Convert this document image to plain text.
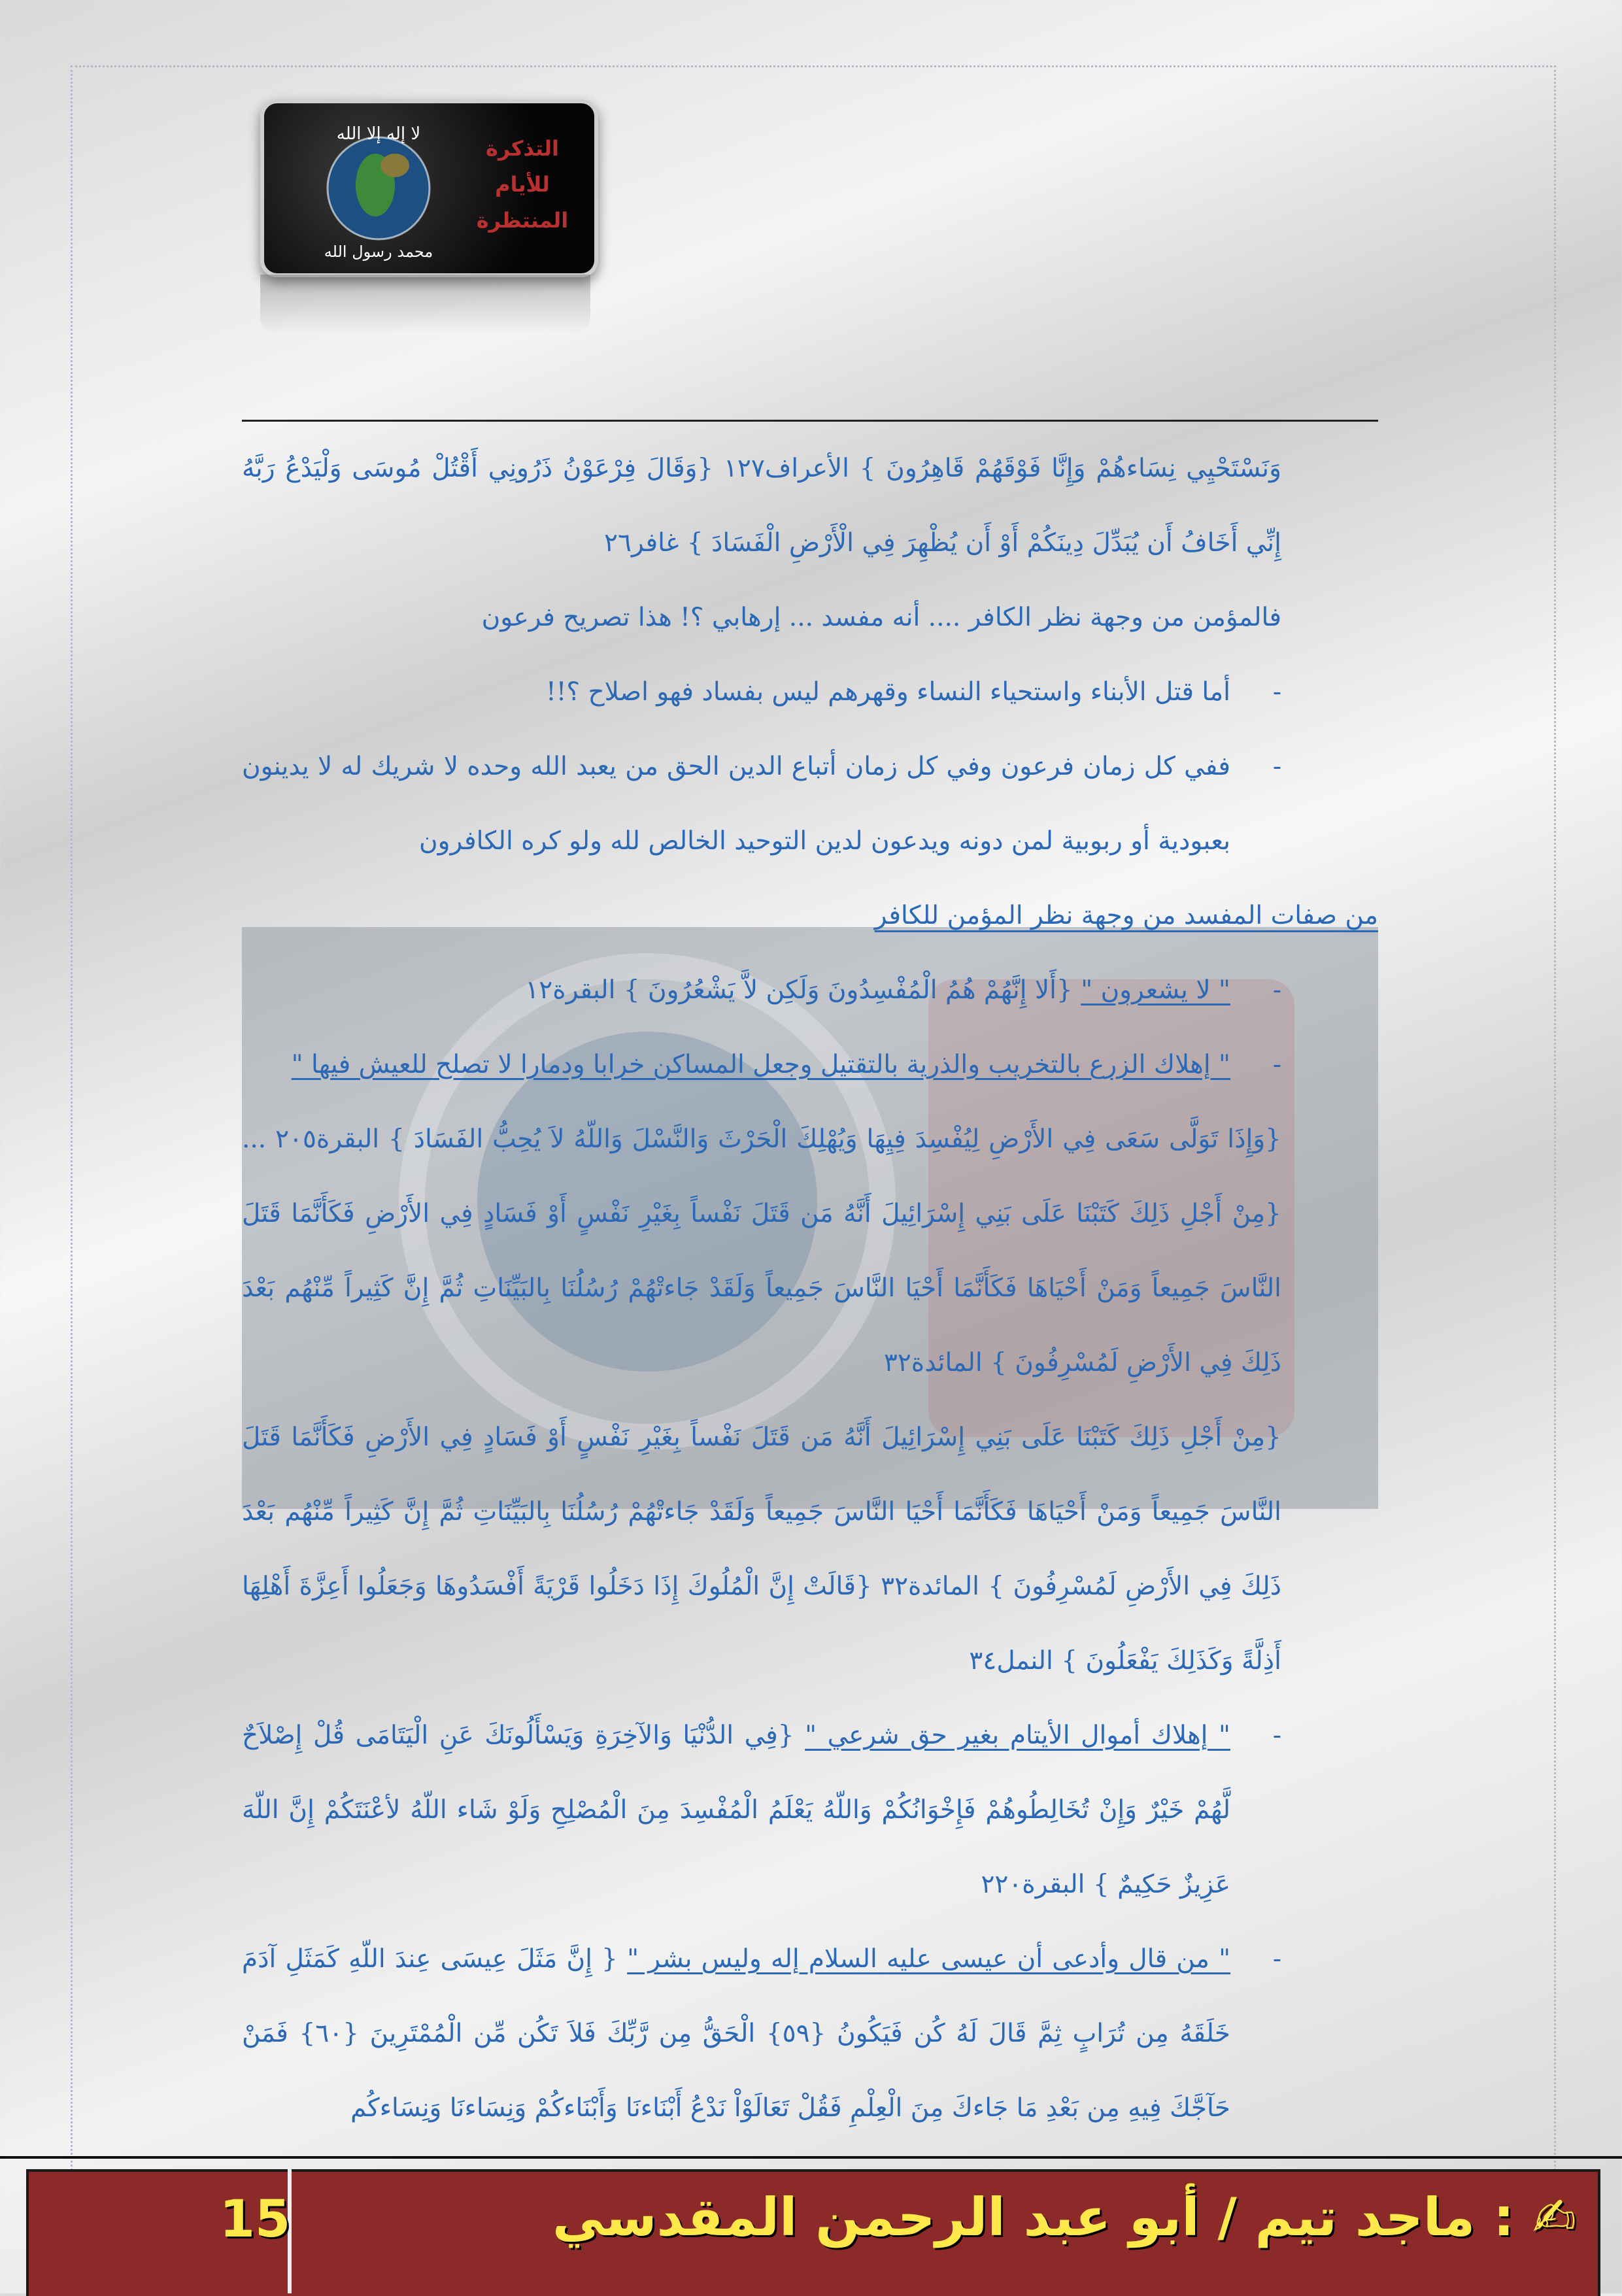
لا إله إلا الله
محمد رسول الله
التذكرة
للأيام
المنتظرة

وَنَسْتَحْيِي نِسَاءهُمْ وَإِنَّا فَوْقَهُمْ قَاهِرُونَ } الأعراف١٢٧ {وَقَالَ فِرْعَوْنُ ذَرُونِي أَقْتُلْ مُوسَى وَلْيَدْعُ رَبَّهُ إِنِّي أَخَافُ أَن يُبَدِّلَ دِينَكُمْ أَوْ أَن يُظْهِرَ فِي الْأَرْضِ الْفَسَادَ } غافر٢٦

فالمؤمن من وجهة نظر الكافر .... أنه مفسد ... إرهابي ؟! هذا تصريح فرعون

- أما قتل الأبناء واستحياء النساء وقهرهم ليس بفساد فهو اصلاح ؟!!

- ففي كل زمان فرعون وفي كل زمان أتباع الدين الحق من يعبد الله وحده لا شريك له لا يدينون بعبودية أو ربوبية لمن دونه ويدعون لدين التوحيد الخالص لله ولو كره الكافرون

من صفات المفسد من وجهة نظر المؤمن للكافر

- " لا يشعرون " {أَلا إِنَّهُمْ هُمُ الْمُفْسِدُونَ وَلَكِن لاَّ يَشْعُرُونَ } البقرة١٢

- " إهلاك الزرع بالتخريب والذرية بالتقتيل وجعل المساكن خرابا ودمارا لا تصلح للعيش فيها "

{وَإِذَا تَوَلَّى سَعَى فِي الأَرْضِ لِيُفْسِدَ فِيِهَا وَيُهْلِكَ الْحَرْثَ وَالنَّسْلَ وَاللّهُ لاَ يُحِبُّ الفَسَادَ } البقرة٢٠٥ ... {مِنْ أَجْلِ ذَلِكَ كَتَبْنَا عَلَى بَنِي إِسْرَائِيلَ أَنَّهُ مَن قَتَلَ نَفْساً بِغَيْرِ نَفْسٍ أَوْ فَسَادٍ فِي الأَرْضِ فَكَأَنَّمَا قَتَلَ النَّاسَ جَمِيعاً وَمَنْ أَحْيَاهَا فَكَأَنَّمَا أَحْيَا النَّاسَ جَمِيعاً وَلَقَدْ جَاءتْهُمْ رُسُلُنَا بِالبَيِّنَاتِ ثُمَّ إِنَّ كَثِيراً مِّنْهُم بَعْدَ ذَلِكَ فِي الأَرْضِ لَمُسْرِفُونَ } المائدة٣٢

{مِنْ أَجْلِ ذَلِكَ كَتَبْنَا عَلَى بَنِي إِسْرَائِيلَ أَنَّهُ مَن قَتَلَ نَفْساً بِغَيْرِ نَفْسٍ أَوْ فَسَادٍ فِي الأَرْضِ فَكَأَنَّمَا قَتَلَ النَّاسَ جَمِيعاً وَمَنْ أَحْيَاهَا فَكَأَنَّمَا أَحْيَا النَّاسَ جَمِيعاً وَلَقَدْ جَاءتْهُمْ رُسُلُنَا بِالبَيِّنَاتِ ثُمَّ إِنَّ كَثِيراً مِّنْهُم بَعْدَ ذَلِكَ فِي الأَرْضِ لَمُسْرِفُونَ } المائدة٣٢ {قَالَتْ إِنَّ الْمُلُوكَ إِذَا دَخَلُوا قَرْيَةً أَفْسَدُوهَا وَجَعَلُوا أَعِزَّةَ أَهْلِهَا أَذِلَّةً وَكَذَلِكَ يَفْعَلُونَ } النمل٣٤

- " إهلاك أموال الأيتام بغير حق شرعي " {فِي الدُّنْيَا وَالآخِرَةِ وَيَسْأَلُونَكَ عَنِ الْيَتَامَى قُلْ إِصْلاَحٌ لَّهُمْ خَيْرٌ وَإِنْ تُخَالِطُوهُمْ فَإِخْوَانُكُمْ وَاللّهُ يَعْلَمُ الْمُفْسِدَ مِنَ الْمُصْلِحِ وَلَوْ شَاء اللّهُ لأعْنَتَكُمْ إِنَّ اللّهَ عَزِيزٌ حَكِيمٌ } البقرة٢٢٠

- " من قال وأدعى أن عيسى عليه السلام إله وليس بشر " { إِنَّ مَثَلَ عِيسَى عِندَ اللّهِ كَمَثَلِ آدَمَ خَلَقَهُ مِن تُرَابٍ ثِمَّ قَالَ لَهُ كُن فَيَكُونُ {٥٩} الْحَقُّ مِن رَّبِّكَ فَلاَ تَكُن مِّن الْمُمْتَرِينَ {٦٠} فَمَنْ حَآجَّكَ فِيهِ مِن بَعْدِ مَا جَاءكَ مِنَ الْعِلْمِ فَقُلْ تَعَالَوْاْ نَدْعُ أَبْنَاءنَا وَأَبْنَاءكُمْ وَنِسَاءنَا وَنِسَاءكُم

15	✍ : ماجد تيم / أبو عبد الرحمن المقدسي
